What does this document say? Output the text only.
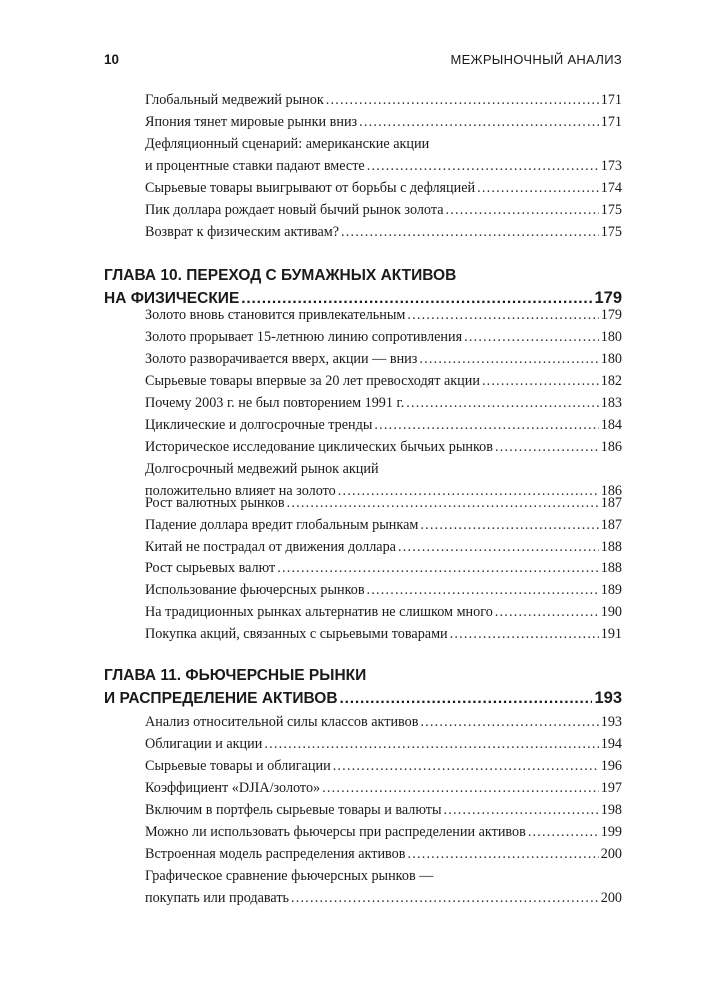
10	МЕЖРЫНОЧНЫЙ АНАЛИЗ
Глобальный медвежий рынок .....	171
Япония тянет мировые рынки вниз .....	171
Дефляционный сценарий: американские акции
и процентные ставки падают вместе .....	173
Сырьевые товары выигрывают от борьбы с дефляцией .....	174
Пик доллара рождает новый бычий рынок золота .....	175
Возврат к физическим активам? .....	175
ГЛАВА 10. ПЕРЕХОД С БУМАЖНЫХ АКТИВОВ
НА ФИЗИЧЕСКИЕ .....	179
Золото вновь становится привлекательным .....	179
Золото прорывает 15-летнюю линию сопротивления .....	180
Золото разворачивается вверх, акции — вниз .....	180
Сырьевые товары впервые за 20 лет превосходят акции .....	182
Почему 2003 г. не был повторением 1991 г. .....	183
Циклические и долгосрочные тренды .....	184
Историческое исследование циклических бычьих рынков .....	186
Долгосрочный медвежий рынок акций
положительно влияет на золото .....	186
Рост валютных рынков .....	187
Падение доллара вредит глобальным рынкам .....	187
Китай не пострадал от движения доллара .....	188
Рост сырьевых валют .....	188
Использование фьючерсных рынков .....	189
На традиционных рынках альтернатив не слишком много .....	190
Покупка акций, связанных с сырьевыми товарами .....	191
ГЛАВА 11. ФЬЮЧЕРСНЫЕ РЫНКИ
И РАСПРЕДЕЛЕНИЕ АКТИВОВ .....	193
Анализ относительной силы классов активов .....	193
Облигации и акции .....	194
Сырьевые товары и облигации .....	196
Коэффициент «DJIA/золото» .....	197
Включим в портфель сырьевые товары и валюты .....	198
Можно ли использовать фьючерсы при распределении активов .....	199
Встроенная модель распределения активов .....	200
Графическое сравнение фьючерсных рынков —
покупать или продавать .....	200
